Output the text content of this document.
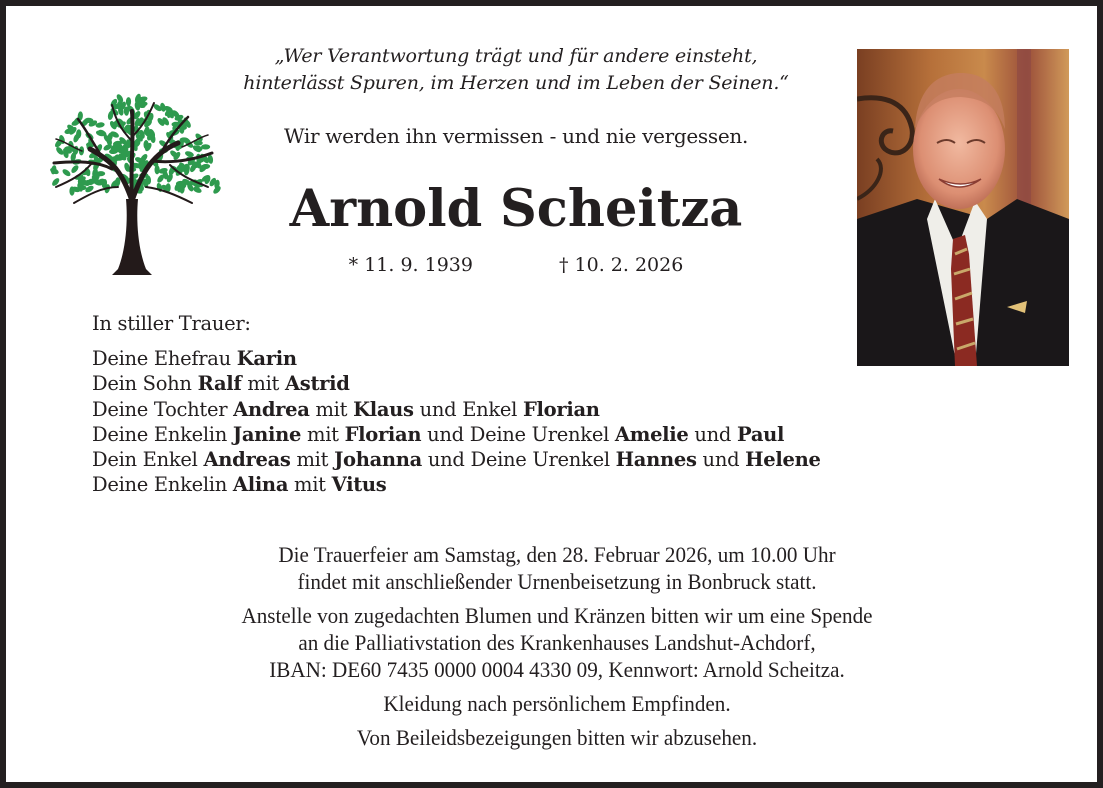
„Wer Verantwortung trägt und für andere einsteht,
hinterlässt Spuren, im Herzen und im Leben der Seinen.“
Wir werden ihn vermissen - und nie vergessen.
Arnold Scheitza
* 11. 9. 1939	† 10. 2. 2026
In stiller Trauer:
Deine Ehefrau Karin
Dein Sohn Ralf mit Astrid
Deine Tochter Andrea mit Klaus und Enkel Florian
Deine Enkelin Janine mit Florian und Deine Urenkel Amelie und Paul
Dein Enkel Andreas mit Johanna und Deine Urenkel Hannes und Helene
Deine Enkelin Alina mit Vitus

Die Trauerfeier am Samstag, den 28. Februar 2026, um 10.00 Uhr

findet mit anschließender Urnenbeisetzung in Bonbruck statt.

Anstelle von zugedachten Blumen und Kränzen bitten wir um eine Spende

an die Palliativstation des Krankenhauses Landshut-Achdorf,

IBAN: DE60 7435 0000 0004 4330 09, Kennwort: Arnold Scheitza.

Kleidung nach persönlichem Empfinden.

Von Beileidsbezeigungen bitten wir abzusehen.
